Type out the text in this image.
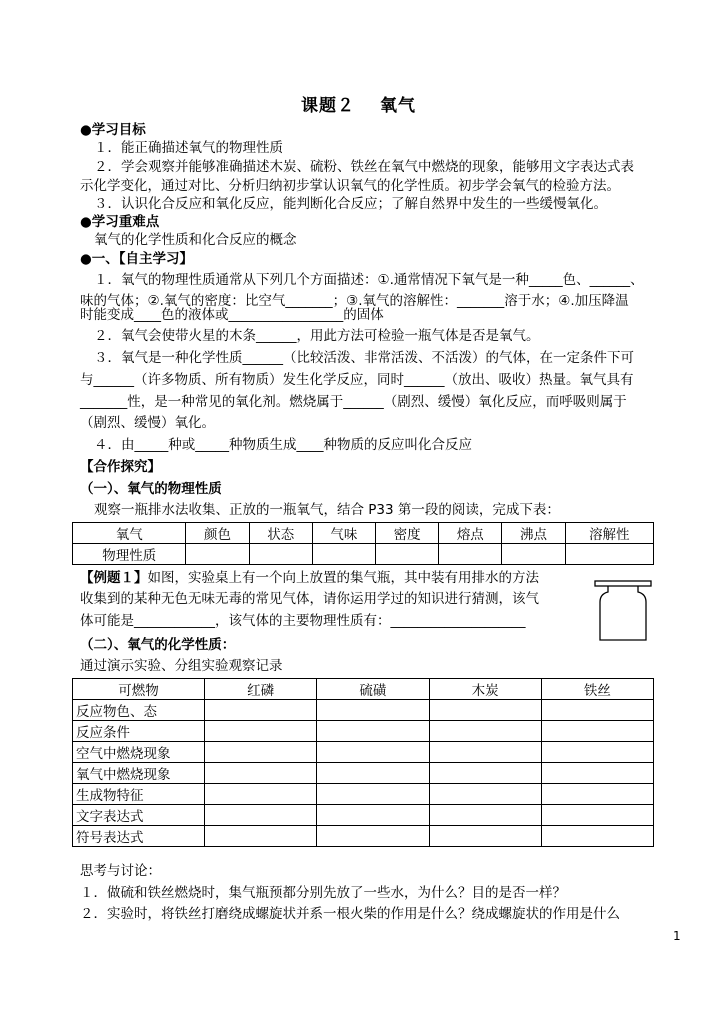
课题２　 氧气
●学习目标
１．能正确描述氧气的物理性质
２．学会观察并能够准确描述木炭、硫粉、铁丝在氧气中燃烧的现象，能够用文字表达式表
示化学变化，通过对比、分析归纳初步掌认识氧气的化学性质。初步学会氧气的检验方法。
３．认识化合反应和氧化反应，能判断化合反应；了解自然界中发生的一些缓慢氧化。
●学习重难点
氧气的化学性质和化合反应的概念
●一、【自主学习】
１．氧气的物理性质通常从下列几个方面描述：①.通常情况下氧气是一种_____色、______、
味的气体；②.氧气的密度：比空气_______；③.氧气的溶解性：_______溶于水；④.加压降温
时能变成____色的液体或_________________的固体
２．氧气会使带火星的木条______，用此方法可检验一瓶气体是否是氧气。
３．氧气是一种化学性质______（比较活泼、非常活泼、不活泼）的气体，在一定条件下可
与______（许多物质、所有物质）发生化学反应，同时______（放出、吸收）热量。氧气具有
_______性，是一种常见的氧化剂。燃烧属于______（剧烈、缓慢）氧化反应，而呼吸则属于
（剧烈、缓慢）氧化。
４．由_____种或_____种物质生成____种物质的反应叫化合反应
【合作探究】
（一）、氧气的物理性质
观察一瓶排水法收集、正放的一瓶氧气，结合 P33 第一段的阅读，完成下表：
氧气	颜色	状态	气味	密度	熔点	沸点	溶解性
物理性质							
【例题１】如图，实验桌上有一个向上放置的集气瓶，其中装有用排水的方法
收集到的某种无色无味无毒的常见气体，请你运用学过的知识进行猜测，该气
体可能是____________，该气体的主要物理性质有：____________________
（二）、氧气的化学性质：
通过演示实验、分组实验观察记录
可燃物	红磷	硫磺	木炭	铁丝
反应物色、态				
反应条件				
空气中燃烧现象				
氧气中燃烧现象				
生成物特征				
文字表达式				
符号表达式				
思考与讨论：
１．做硫和铁丝燃烧时，集气瓶预都分别先放了一些水，为什么？目的是否一样？
２．实验时，将铁丝打磨绕成螺旋状并系一根火柴的作用是什么？绕成螺旋状的作用是什么
1
